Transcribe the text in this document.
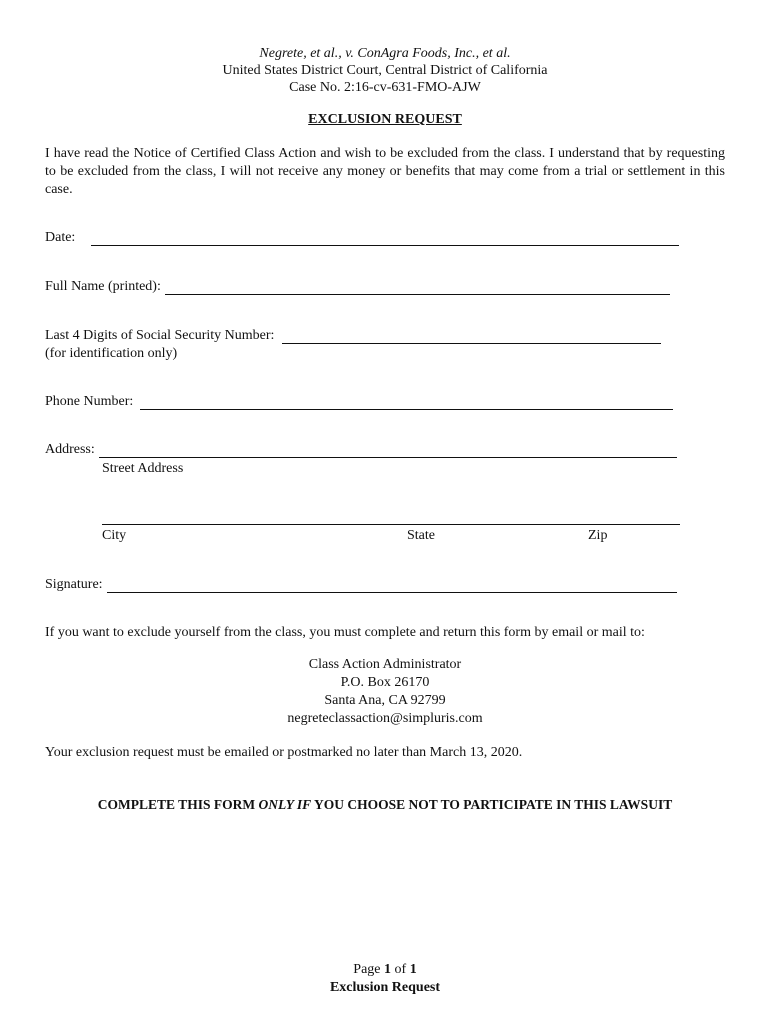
Negrete, et al., v. ConAgra Foods, Inc., et al.
United States District Court, Central District of California
Case No. 2:16-cv-631-FMO-AJW
EXCLUSION REQUEST

I have read the Notice of Certified Class Action and wish to be excluded from the class. I understand that by requesting to be excluded from the class, I will not receive any money or benefits that may come from a trial or settlement in this case.

Date:
Full Name (printed):
Last 4 Digits of Social Security Number:
(for identification only)
Phone Number:
Address:
Street Address
City	State	Zip
Signature:

If you want to exclude yourself from the class, you must complete and return this form by email or mail to:

Class Action Administrator
P.O. Box 26170
Santa Ana, CA 92799
negreteclassaction@simpluris.com

Your exclusion request must be emailed or postmarked no later than March 13, 2020.

COMPLETE THIS FORM ONLY IF YOU CHOOSE NOT TO PARTICIPATE IN THIS LAWSUIT
Page 1 of 1
Exclusion Request
